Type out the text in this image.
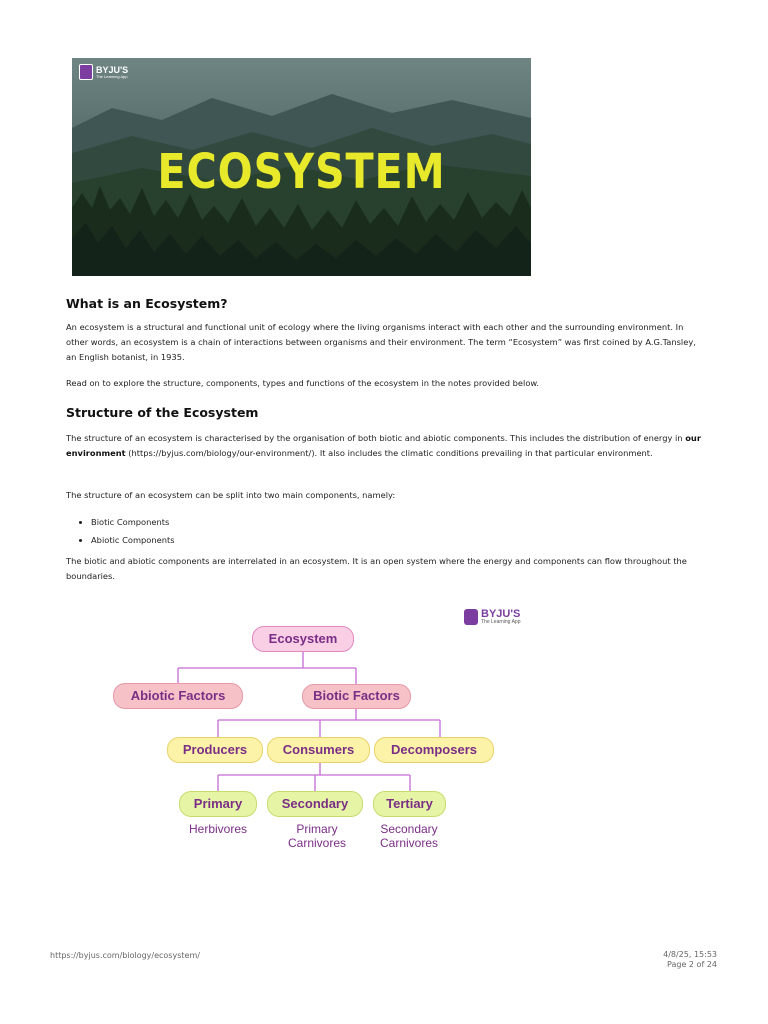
BYJU'S
The Learning App
ECOSYSTEM
What is an Ecosystem?

An ecosystem is a structural and functional unit of ecology where the living organisms interact with each other and the surrounding environment. In other words, an ecosystem is a chain of interactions between organisms and their environment. The term “Ecosystem” was first coined by A.G.Tansley, an English botanist, in 1935.

Read on to explore the structure, components, types and functions of the ecosystem in the notes provided below.

Structure of the Ecosystem

The structure of an ecosystem is characterised by the organisation of both biotic and abiotic components. This includes the distribution of energy in our environment (https://byjus.com/biology/our-environment/). It also includes the climatic conditions prevailing in that particular environment.

The structure of an ecosystem can be split into two main components, namely:

• Biotic Components
• Abiotic Components

The biotic and abiotic components are interrelated in an ecosystem. It is an open system where the energy and components can flow throughout the boundaries.

BYJU'S
The Learning App
Ecosystem
Abiotic Factors	Biotic Factors
Producers	Consumers	Decomposers
Primary	Secondary	Tertiary
Herbivores	Primary Carnivores
Secondary Carnivores
https://byjus.com/biology/ecosystem/	4/8/25, 15:53
Page 2 of 24
